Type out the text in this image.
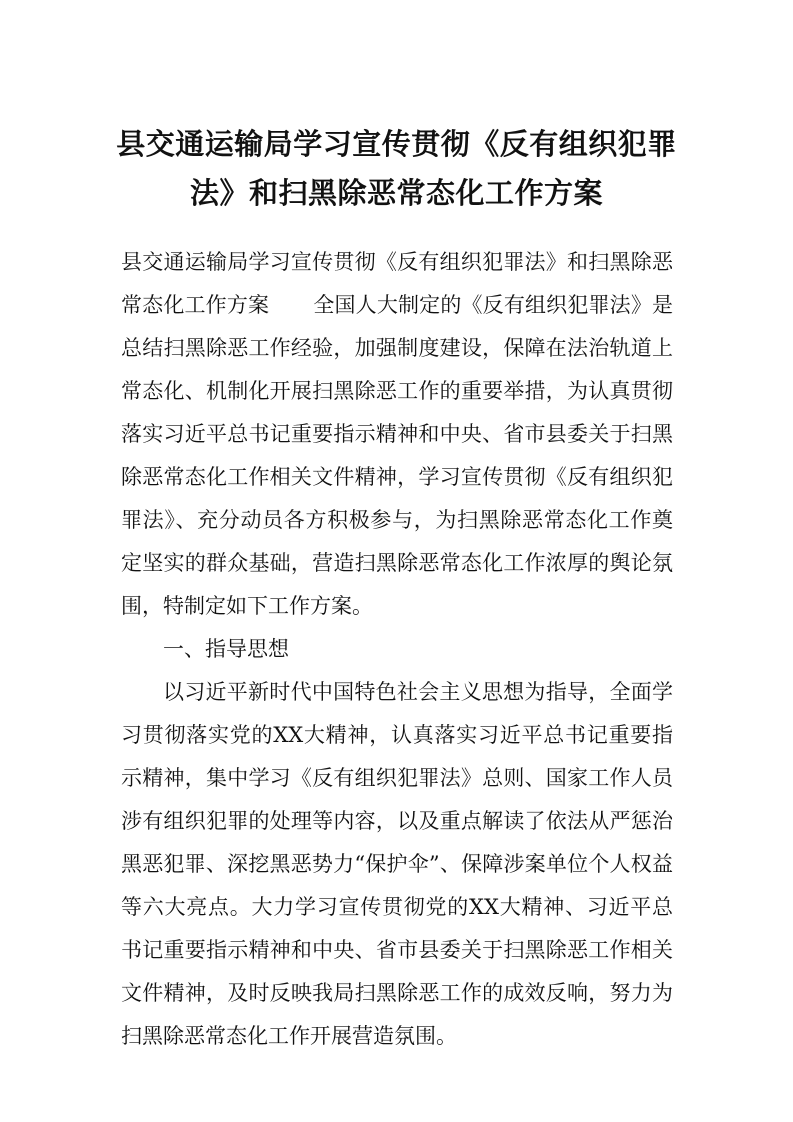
县交通运输局学习宣传贯彻《反有组织犯罪
法》和扫黑除恶常态化工作方案
县交通运输局学习宣传贯彻《反有组织犯罪法》和扫黑除恶
常态化工作方案 全国人大制定的《反有组织犯罪法》是
总结扫黑除恶工作经验，加强制度建设，保障在法治轨道上
常态化、机制化开展扫黑除恶工作的重要举措，为认真贯彻
落实习近平总书记重要指示精神和中央、省市县委关于扫黑
除恶常态化工作相关文件精神，学习宣传贯彻《反有组织犯
罪法》、充分动员各方积极参与，为扫黑除恶常态化工作奠
定坚实的群众基础，营造扫黑除恶常态化工作浓厚的舆论氛
围，特制定如下工作方案。
一、指导思想
以习近平新时代中国特色社会主义思想为指导，全面学
习贯彻落实党的XX大精神，认真落实习近平总书记重要指
示精神，集中学习《反有组织犯罪法》总则、国家工作人员
涉有组织犯罪的处理等内容，以及重点解读了依法从严惩治
黑恶犯罪、深挖黑恶势力“保护伞”、保障涉案单位个人权益
等六大亮点。大力学习宣传贯彻党的XX大精神、习近平总
书记重要指示精神和中央、省市县委关于扫黑除恶工作相关
文件精神，及时反映我局扫黑除恶工作的成效反响，努力为
扫黑除恶常态化工作开展营造氛围。
